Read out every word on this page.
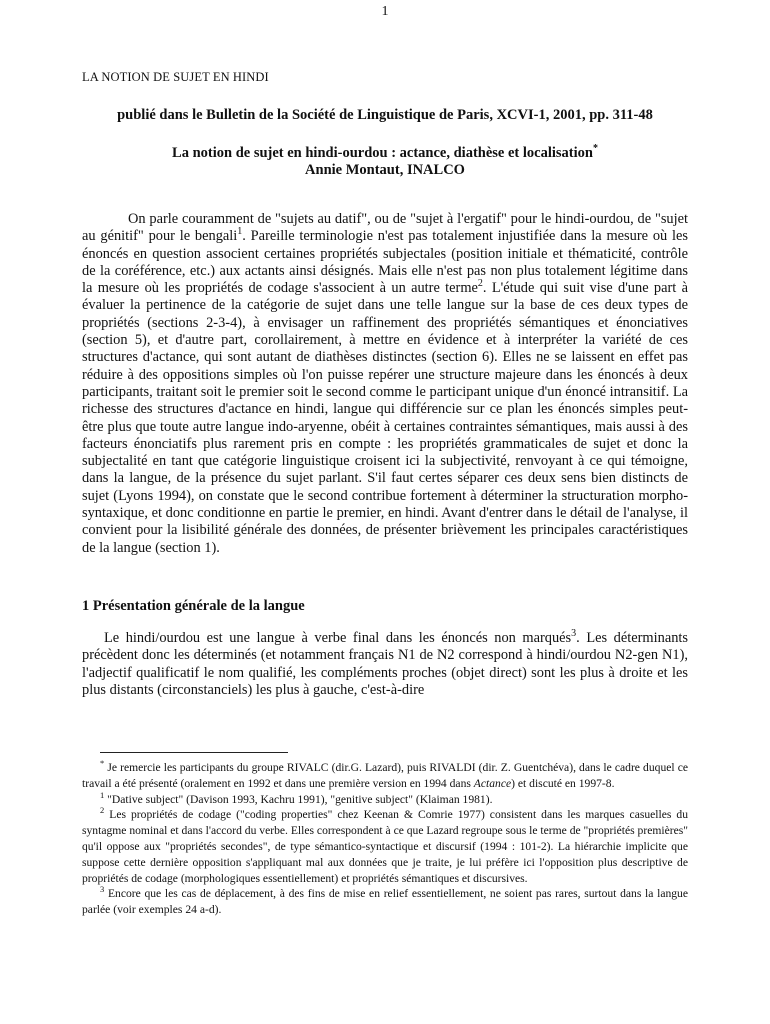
1
LA NOTION DE SUJET EN HINDI
publié dans le Bulletin de la Société de Linguistique de Paris, XCVI-1, 2001, pp. 311-48
La notion de sujet en hindi-ourdou : actance, diathèse et localisation*
Annie Montaut, INALCO

On parle couramment de "sujets au datif", ou de "sujet à l'ergatif" pour le hindi-ourdou, de "sujet au génitif" pour le bengali$^1$. Pareille terminologie n'est pas totalement injustifiée dans la mesure où les énoncés en question associent certaines propriétés subjectales (position initiale et thématicité, contrôle de la coréférence, etc.) aux actants ainsi désignés. Mais elle n'est pas non plus totalement légitime dans la mesure où les propriétés de codage s'associent à un autre terme$^2$. L'étude qui suit vise d'une part à évaluer la pertinence de la catégorie de sujet dans une telle langue sur la base de ces deux types de propriétés (sections 2-3-4), à envisager un raffinement des propriétés sémantiques et énonciatives (section 5), et d'autre part, corollairement, à mettre en évidence et à interpréter la variété de ces structures d'actance, qui sont autant de diathèses distinctes (section 6). Elles ne se laissent en effet pas réduire à des oppositions simples où l'on puisse repérer une structure majeure dans les énoncés à deux participants, traitant soit le premier soit le second comme le participant unique d'un énoncé intransitif. La richesse des structures d'actance en hindi, langue qui différencie sur ce plan les énoncés simples peut-être plus que toute autre langue indo-aryenne, obéit à certaines contraintes sémantiques, mais aussi à des facteurs énonciatifs plus rarement pris en compte : les propriétés grammaticales de sujet et donc la subjectalité en tant que catégorie linguistique croisent ici la subjectivité, renvoyant à ce qui témoigne, dans la langue, de la présence du sujet parlant. S'il faut certes séparer ces deux sens bien distincts de sujet (Lyons 1994), on constate que le second contribue fortement à déterminer la structuration morpho-syntaxique, et donc conditionne en partie le premier, en hindi. Avant d'entrer dans le détail de l'analyse, il convient pour la lisibilité générale des données, de présenter brièvement les principales caractéristiques de la langue (section 1).

1 Présentation générale de la langue

Le hindi/ourdou est une langue à verbe final dans les énoncés non marqués$^3$. Les déterminants précèdent donc les déterminés (et notamment français N1 de N2 correspond à hindi/ourdou N2-gen N1), l'adjectif qualificatif le nom qualifié, les compléments proches (objet direct) sont les plus à droite et les plus distants (circonstanciels) les plus à gauche, c'est-à-dire

* Je remercie les participants du groupe RIVALC (dir.G. Lazard), puis RIVALDI (dir. Z. Guentchéva), dans le cadre duquel ce travail a été présenté (oralement en 1992 et dans une première version en 1994 dans Actance) et discuté en 1997-8.

$^1$ "Dative subject" (Davison 1993, Kachru 1991), "genitive subject" (Klaiman 1981).

$^2$ Les propriétés de codage ("coding properties" chez Keenan & Comrie 1977) consistent dans les marques casuelles du syntagme nominal et dans l'accord du verbe. Elles correspondent à ce que Lazard regroupe sous le terme de "propriétés premières" qu'il oppose aux "propriétés secondes", de type sémantico-syntactique et discursif (1994 : 101-2). La hiérarchie implicite que suppose cette dernière opposition s'appliquant mal aux données que je traite, je lui préfère ici l'opposition plus descriptive de propriétés de codage (morphologiques essentiellement) et propriétés sémantiques et discursives.

$^3$ Encore que les cas de déplacement, à des fins de mise en relief essentiellement, ne soient pas rares, surtout dans la langue parlée (voir exemples 24 a-d).
